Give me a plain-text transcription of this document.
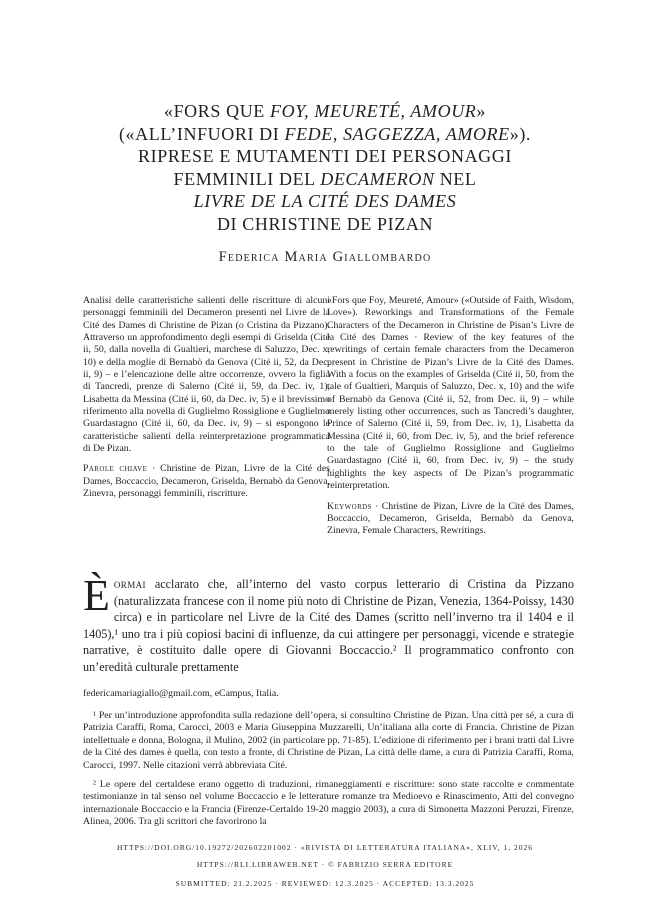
«FORS QUE FOY, MEURETÉ, AMOUR»
(«ALL’INFUORI DI FEDE, SAGGEZZA, AMORE»).
RIPRESE E MUTAMENTI DEI PERSONAGGI
FEMMINILI DEL DECAMERON NEL
LIVRE DE LA CITÉ DES DAMES
DI CHRISTINE DE PIZAN
Federica Maria Giallombardo

Analisi delle caratteristiche salienti delle riscritture di alcuni personaggi femminili del Decameron presenti nel Livre de la Cité des Dames di Christine de Pizan (o Cristina da Pizzano). Attraverso un approfondimento degli esempi di Griselda (Cité ii, 50, dalla novella di Gualtieri, marchese di Saluzzo, Dec. x, 10) e della moglie di Bernabò da Genova (Cité ii, 52, da Dec. ii, 9) – e l’elencazione delle altre occorrenze, ovvero la figlia di Tancredi, prenze di Salerno (Cité ii, 59, da Dec. iv, 1), Lisabetta da Messina (Cité ii, 60, da Dec. iv, 5) e il brevissimo riferimento alla novella di Guglielmo Rossiglione e Guglielmo Guardastagno (Cité ii, 60, da Dec. iv, 9) – si espongono le caratteristiche salienti della reinterpretazione programmatica di De Pizan.

Parole chiave · Christine de Pizan, Livre de la Cité des Dames, Boccaccio, Decameron, Griselda, Bernabò da Genova, Zinevra, personaggi femminili, riscritture.

«Fors que Foy, Meureté, Amour» («Outside of Faith, Wisdom, Love»). Reworkings and Transformations of the Female Characters of the Decameron in Christine de Pisan’s Livre de la Cité des Dames · Review of the key features of the rewritings of certain female characters from the Decameron present in Christine de Pizan’s Livre de la Cité des Dames. With a focus on the examples of Griselda (Cité ii, 50, from the tale of Gualtieri, Marquis of Saluzzo, Dec. x, 10) and the wife of Bernabò da Genova (Cité ii, 52, from Dec. ii, 9) – while merely listing other occurrences, such as Tancredi’s daughter, Prince of Salerno (Cité ii, 59, from Dec. iv, 1), Lisabetta da Messina (Cité ii, 60, from Dec. iv, 5), and the brief reference to the tale of Guglielmo Rossiglione and Guglielmo Guardastagno (Cité ii, 60, from Dec. iv, 9) – the study highlights the key aspects of De Pizan’s programmatic reinterpretation.

Keywords · Christine de Pizan, Livre de la Cité des Dames, Boccaccio, Decameron, Griselda, Bernabò da Genova, Zinevra, Female Characters, Rewritings.

Èormai acclarato che, all’interno del vasto corpus letterario di Cristina da Pizzano (naturalizzata francese con il nome più noto di Christine de Pizan, Venezia, 1364-Poissy, 1430 circa) e in particolare nel Livre de la Cité des Dames (scritto nell’inverno tra il 1404 e il 1405),¹ uno tra i più copiosi bacini di influenze, da cui attingere per personaggi, vicende e strategie narrative, è costituito dalle opere di Giovanni Boccaccio.² Il programmatico confronto con un’eredità culturale prettamente

federicamariagiallo@gmail.com, eCampus, Italia.

¹ Per un’introduzione approfondita sulla redazione dell’opera, si consultino Christine de Pizan. Una città per sé, a cura di Patrizia Caraffi, Roma, Carocci, 2003 e Maria Giuseppina Muzzarelli, Un’italiana alla corte di Francia. Christine de Pizan intellettuale e donna, Bologna, il Mulino, 2002 (in particolare pp. 71-85). L’edizione di riferimento per i brani tratti dal Livre de la Cité des dames è quella, con testo a fronte, di Christine de Pizan, La città delle dame, a cura di Patrizia Caraffi, Roma, Carocci, 1997. Nelle citazioni verrà abbreviata Cité.

² Le opere del certaldese erano oggetto di traduzioni, rimaneggiamenti e riscritture: sono state raccolte e commentate testimonianze in tal senso nel volume Boccaccio e le letterature romanze tra Medioevo e Rinascimento, Atti del convegno internazionale Boccaccio e la Francia (Firenze-Certaldo 19-20 maggio 2003), a cura di Simonetta Mazzoni Peruzzi, Firenze, Alinea, 2006. Tra gli scrittori che favorirono la

HTTPS://DOI.ORG/10.19272/202602201002 · «RIVISTA DI LETTERATURA ITALIANA», XLIV, 1, 2026
HTTPS://RLI.LIBRAWEB.NET · © FABRIZIO SERRA EDITORE
SUBMITTED: 21.2.2025 · REVIEWED: 12.3.2025 · ACCEPTED: 13.3.2025
